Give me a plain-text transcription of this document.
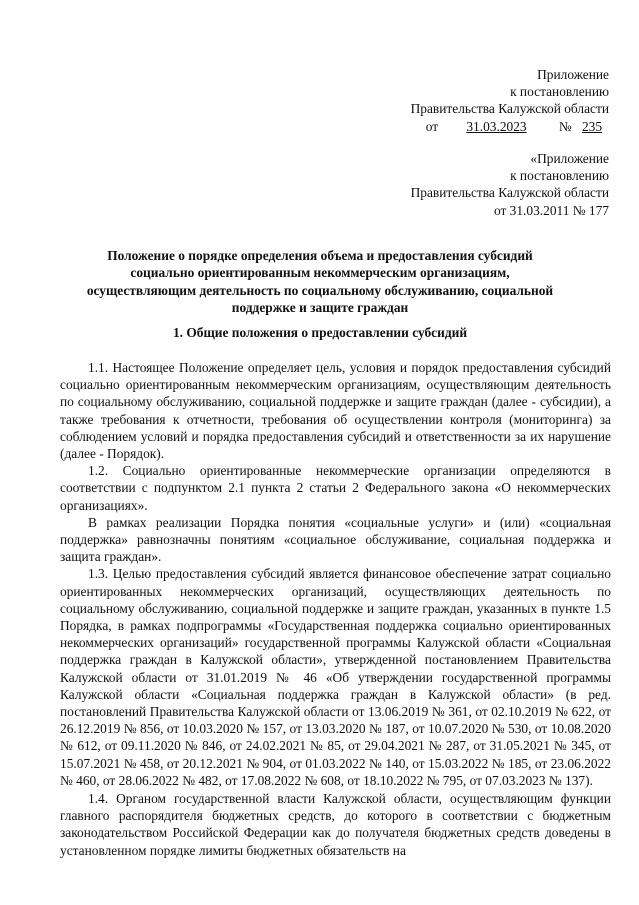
Приложение
к постановлению
Правительства Калужской области
от 31.03.2023 № 235
«Приложение
к постановлению
Правительства Калужской области
от 31.03.2011 № 177
Положение о порядке определения объема и предоставления субсидий
социально ориентированным некоммерческим организациям,
осуществляющим деятельность по социальному обслуживанию, социальной
поддержке и защите граждан
1. Общие положения о предоставлении субсидий

1.1. Настоящее Положение определяет цель, условия и порядок предоставления субсидий социально ориентированным некоммерческим организациям, осуществляющим деятельность по социальному обслуживанию, социальной поддержке и защите граждан (далее - субсидии), а также требования к отчетности, требования об осуществлении контроля (мониторинга) за соблюдением условий и порядка предоставления субсидий и ответственности за их нарушение (далее - Порядок).

1.2. Социально ориентированные некоммерческие организации определяются в соответствии с подпунктом 2.1 пункта 2 статьи 2 Федерального закона «О некоммерческих организациях».

В рамках реализации Порядка понятия «социальные услуги» и (или) «социальная поддержка» равнозначны понятиям «социальное обслуживание, социальная поддержка и защита граждан».

1.3. Целью предоставления субсидий является финансовое обеспечение затрат социально ориентированных некоммерческих организаций, осуществляющих деятельность по социальному обслуживанию, социальной поддержке и защите граждан, указанных в пункте 1.5 Порядка, в рамках подпрограммы «Государственная поддержка социально ориентированных некоммерческих организаций» государственной программы Калужской области «Социальная поддержка граждан в Калужской области», утвержденной постановлением Правительства Калужской области от 31.01.2019 № 46 «Об утверждении государственной программы Калужской области «Социальная поддержка граждан в Калужской области» (в ред. постановлений Правительства Калужской области от 13.06.2019 № 361, от 02.10.2019 № 622, от 26.12.2019 № 856, от 10.03.2020 № 157, от 13.03.2020 № 187, от 10.07.2020 № 530, от 10.08.2020 № 612, от 09.11.2020 № 846, от 24.02.2021 № 85, от 29.04.2021 № 287, от 31.05.2021 № 345, от 15.07.2021 № 458, от 20.12.2021 № 904, от 01.03.2022 № 140, от 15.03.2022 № 185, от 23.06.2022 № 460, от 28.06.2022 № 482, от 17.08.2022 № 608, от 18.10.2022 № 795, от 07.03.2023 № 137).

1.4. Органом государственной власти Калужской области, осуществляющим функции главного распорядителя бюджетных средств, до которого в соответствии с бюджетным законодательством Российской Федерации как до получателя бюджетных средств доведены в установленном порядке лимиты бюджетных обязательств на
